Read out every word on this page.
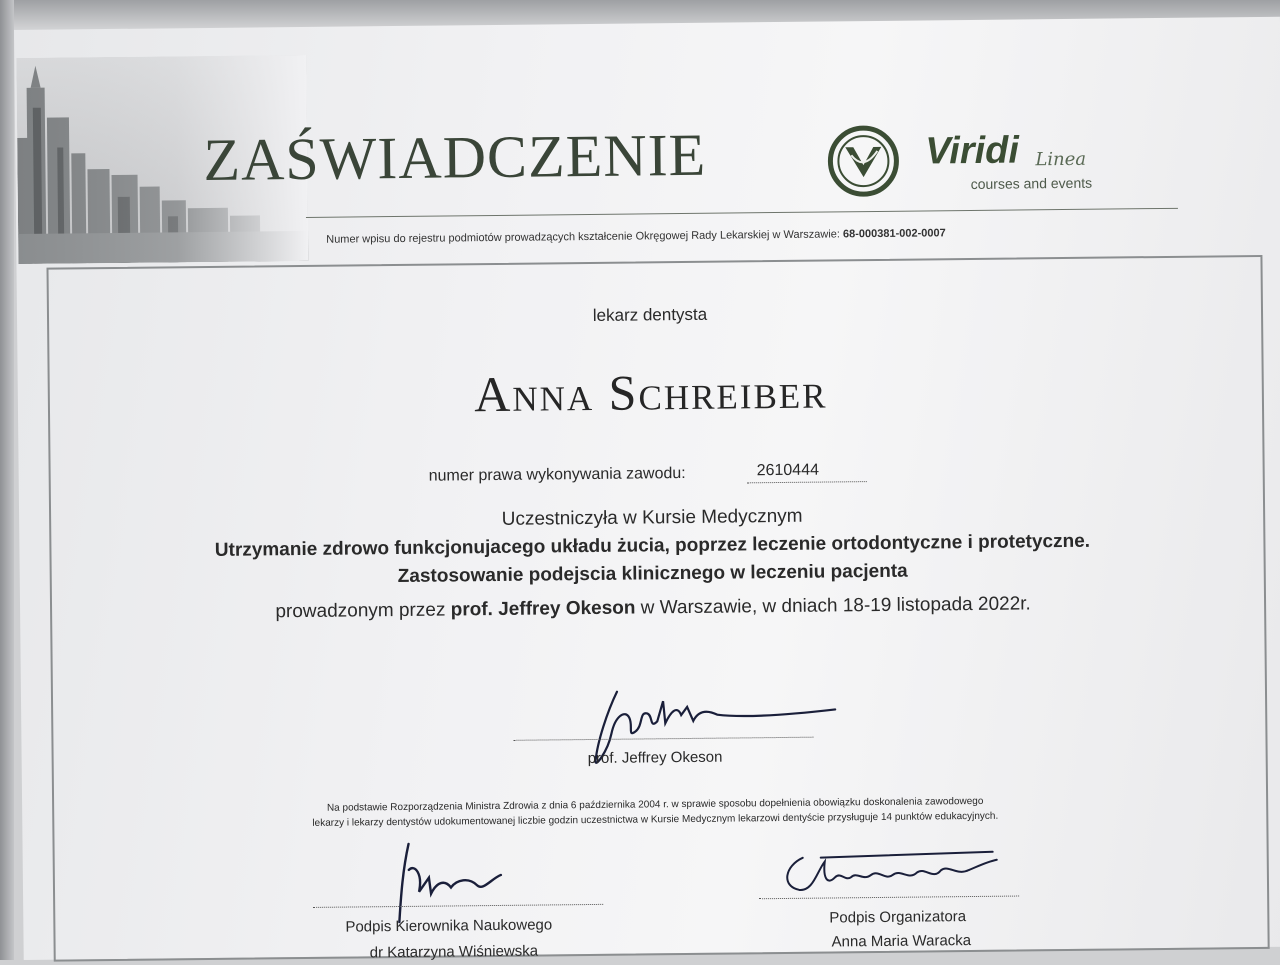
ZAŚWIADCZENIE	Viridi Linea
courses and events
Numer wpisu do rejestru podmiotów prowadzących kształcenie Okręgowej Rady Lekarskiej w Warszawie: 68-000381-002-0007
lekarz dentysta
Anna Schreiber
numer prawa wykonywania zawodu:	2610444
Uczestniczyła w Kursie Medycznym
Utrzymanie zdrowo funkcjonujacego układu żucia, poprzez leczenie ortodontyczne i protetyczne.
Zastosowanie podejscia klinicznego w leczeniu pacjenta
prowadzonym przez prof. Jeffrey Okeson w Warszawie, w dniach 18-19 listopada 2022r.
prof. Jeffrey Okeson
Na podstawie Rozporządzenia Ministra Zdrowia z dnia 6 października 2004 r. w sprawie sposobu dopełnienia obowiązku doskonalenia zawodowego
lekarzy i lekarzy dentystów udokumentowanej liczbie godzin uczestnictwa w Kursie Medycznym lekarzowi dentyście przysługuje 14 punktów edukacyjnych.
Podpis Kierownika Naukowego
dr Katarzyna Wiśniewska
Podpis Organizatora
Anna Maria Waracka
